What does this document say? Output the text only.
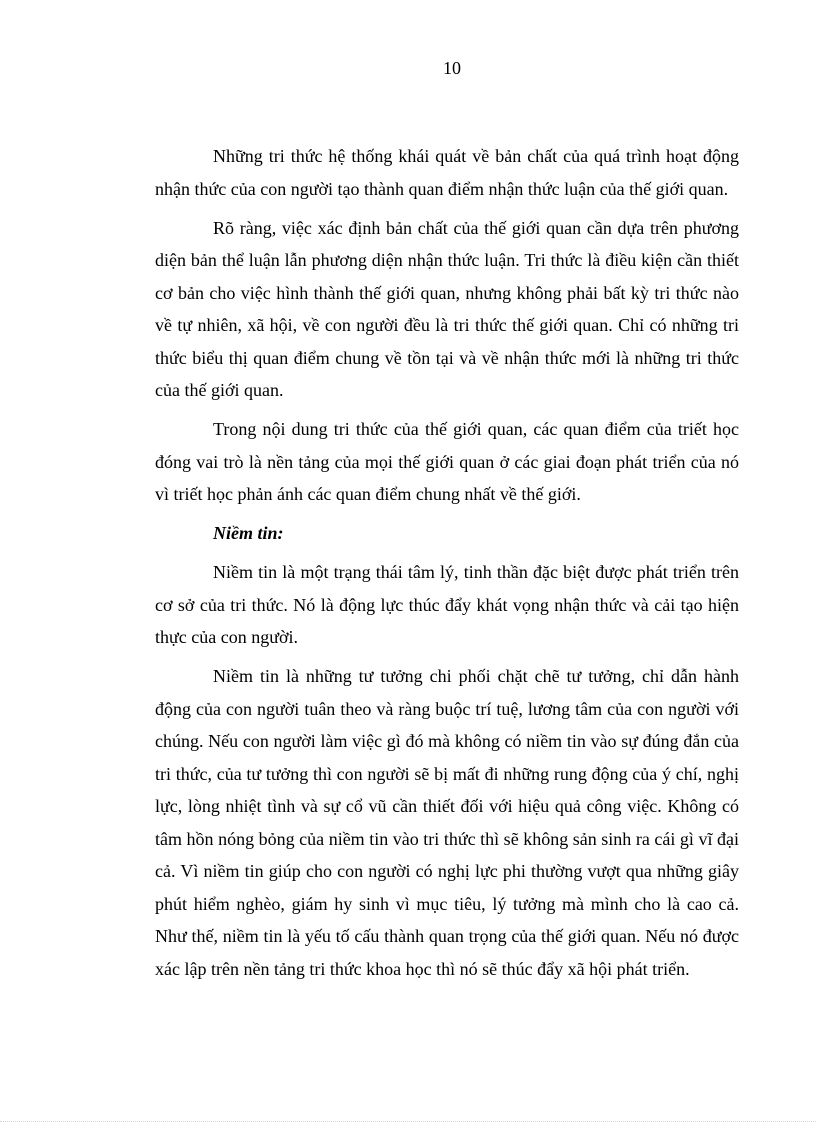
10

Những tri thức hệ thống khái quát về bản chất của quá trình hoạt động nhận thức của con người tạo thành quan điểm nhận thức luận của thế giới quan.

Rõ ràng, việc xác định bản chất của thế giới quan cần dựa trên phương diện bản thể luận lẫn phương diện nhận thức luận. Tri thức là điều kiện cần thiết cơ bản cho việc hình thành thế giới quan, nhưng không phải bất kỳ tri thức nào về tự nhiên, xã hội, về con người đều là tri thức thế giới quan. Chỉ có những tri thức biểu thị quan điểm chung về tồn tại và về nhận thức mới là những tri thức của thế giới quan.

Trong nội dung tri thức của thế giới quan, các quan điểm của triết học đóng vai trò là nền tảng của mọi thế giới quan ở các giai đoạn phát triển của nó vì triết học phản ánh các quan điểm chung nhất về thế giới.

Niềm tin:

Niềm tin là một trạng thái tâm lý, tinh thần đặc biệt được phát triển trên cơ sở của tri thức. Nó là động lực thúc đẩy khát vọng nhận thức và cải tạo hiện thực của con người.

Niềm tin là những tư tưởng chi phối chặt chẽ tư tưởng, chỉ dẫn hành động của con người tuân theo và ràng buộc trí tuệ, lương tâm của con người với chúng. Nếu con người làm việc gì đó mà không có niềm tin vào sự đúng đắn của tri thức, của tư tưởng thì con người sẽ bị mất đi những rung động của ý chí, nghị lực, lòng nhiệt tình và sự cổ vũ cần thiết đối với hiệu quả công việc. Không có tâm hồn nóng bỏng của niềm tin vào tri thức thì sẽ không sản sinh ra cái gì vĩ đại cả. Vì niềm tin giúp cho con người có nghị lực phi thường vượt qua những giây phút hiểm nghèo, giám hy sinh vì mục tiêu, lý tưởng mà mình cho là cao cả. Như thế, niềm tin là yếu tố cấu thành quan trọng của thế giới quan. Nếu nó được xác lập trên nền tảng tri thức khoa học thì nó sẽ thúc đẩy xã hội phát triển.
